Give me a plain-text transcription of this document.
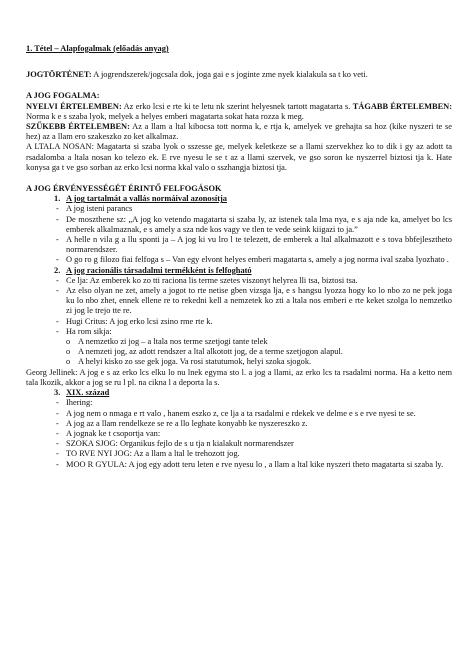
1. Tétel – Alapfogalmak (előadás anyag)

JOGTÖRTÉNET: A jogrendszerek/jogcsala dok, joga gai e s joginte zme nyek kialakula sa t ko veti.

A JOG FOGALMA:

NYELVI ÉRTELEMBEN: Az erko lcsi e rte ki te letu nk szerint helyesnek tartott magatarta s. TÁGABB ÉRTELEMBEN: Norma k e s szaba lyok, melyek a helyes emberi magatarta sokat hata rozza k meg.

SZŰKEBB ÉRTELEMBEN: Az a llam a ltal kibocsa tott norma k, e rtja k, amelyek ve grehajta sa hoz (kike nyszeri te se hez) az a llam ero szakeszko zo ket alkalmaz.

A LTALA NOSAN: Magatarta si szaba lyok o sszesse ge, melyek keletkeze se a llami szervekhez ko to dik i gy az adott ta rsadalomba a ltala nosan ko telezo ek. E rve nyesu le se t az a llami szervek, ve gso soron ke nyszerrel biztosi tja k. Hate konysa ga t ve gso sorban az erko lcsi norma kkal valo o sszhangja biztosi tja.

A JOG ÉRVÉNYESSÉGÉT ÉRINTŐ FELFOGÁSOK

1. A jog tartalmát a vallás normáival azonosítja
- A jog isteni parancs
- De moszthene sz: „A jog ko vetendo magatarta si szaba ly, az istenek tala lma nya, e s aja nde ka, amelyet bo lcs emberek alkalmaznak, e s amely a sza nde kos vagy ve tlen te vede seink kiigazi to ja.”
- A helle n vila g a llu sponti ja – A jog ki vu lro l te telezett, de emberek a ltal alkalmazott e s tova bbfejlesztheto normarendszer.
- O go ro g filozo fiai felfoga s – Van egy elvont helyes emberi magatarta s, amely a jog norma ival szaba lyozhato .
2. A jog racionális társadalmi termékként is felfogható
- Ce lja: Az emberek ko zo tti raciona lis terme szetes viszonyt helyrea lli tsa, biztosi tsa.
- Az elso olyan ne zet, amely a jogot to rte netise gben vizsga lja, e s hangsu lyozza hogy ko lo nbo zo ne pek joga ku lo nbo zhet, ennek ellene re to rekedni kell a nemzetek ko zti a ltala nos emberi e rte keket szolga lo nemzetko zi jog le trejo tte re.
- Hugi Critus: A jog erko lcsi zsino rme rte k.
- Ha rom sikja:
o A nemzetko zi jog – a ltala nos terme szetjogi tante telek
o A nemzeti jog, az adott rendszer a ltal alkotott jog, de a terme szetjogon alapul.
o A helyi kisko zo sse gek joga. Va rosi statutumok, helyi szoka sjogok.

Georg Jellinek: A jog e s az erko lcs elku lo nu lnek egyma sto l. a jog a llami, az erko lcs ta rsadalmi norma. Ha a ketto nem tala lkozik, akkor a jog se ru l pl. na cikna l a deporta la s.

3. XIX. század
- Ihering:
- A jog nem o nmaga e rt valo , hanem eszko z, ce lja a ta rsadalmi e rdekek ve delme e s e rve nyesi te se.
- A jog az a llam rendelkeze se re a llo leghate konyabb ke nyszereszko z.
- A jognak ke t csoportja van:
- SZOKA SJOG: Organikus fejlo de s u tja n kialakult normarendszer
- TO RVE NYI JOG: Az a llam a ltal le trehozott jog.
- MOO R GYULA: A jog egy adott teru leten e rve nyesu lo , a llam a ltal kike nyszeri theto magatarta si szaba ly.
